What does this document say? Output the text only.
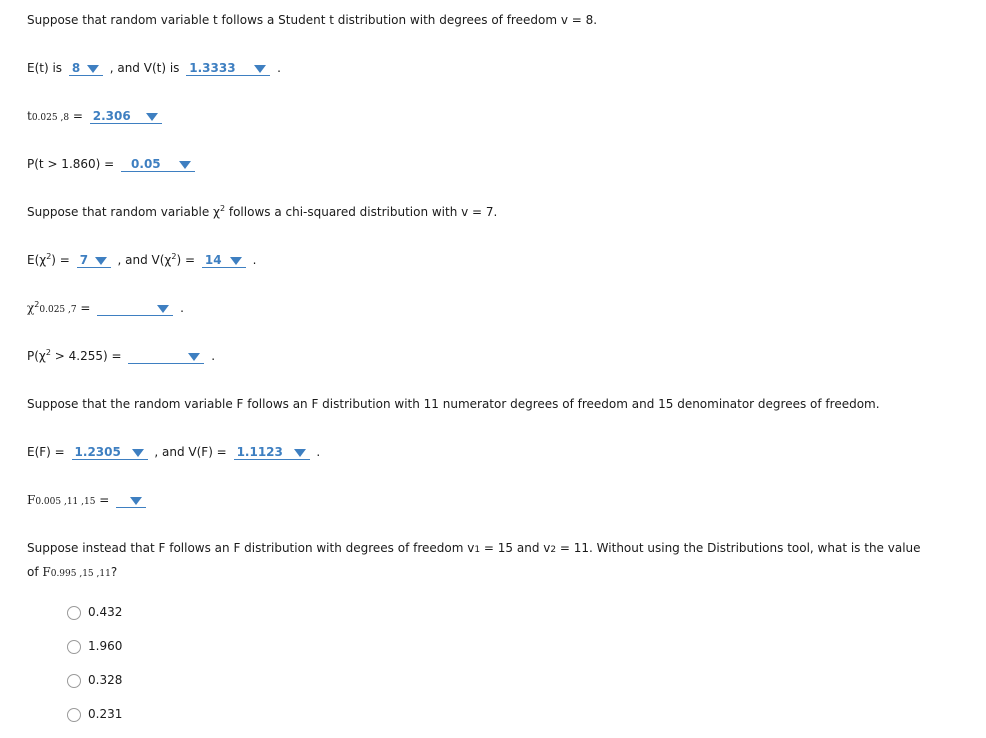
Suppose that random variable t follows a Student t distribution with degrees of freedom v = 8.
E(t) is 8 , and V(t) is 1.3333	.
t0.025 ,8 = 2.306
P(t > 1.860) = 0.05
Suppose that random variable $\chi^2$ follows a chi-squared distribution with v = 7.
$E(\chi^2) = 7$ , and $V(\chi^2) = 14$	.
$\chi^20.025$ ,7 =	.
$P(\chi^2 > 4.255)$ =	.
Suppose that the random variable F follows an F distribution with 11 numerator degrees of freedom and 15 denominator degrees of freedom.
E(F) = 1.2305	, and V(F) = 1.1123	.
F0.005 ,11 ,15 =
Suppose instead that F follows an F distribution with degrees of freedom v1 = 15 and v2 = 11. Without using the Distributions tool, what is the value
of F0.995 ,15 ,11?
0.432
1.960
0.328
0.231
